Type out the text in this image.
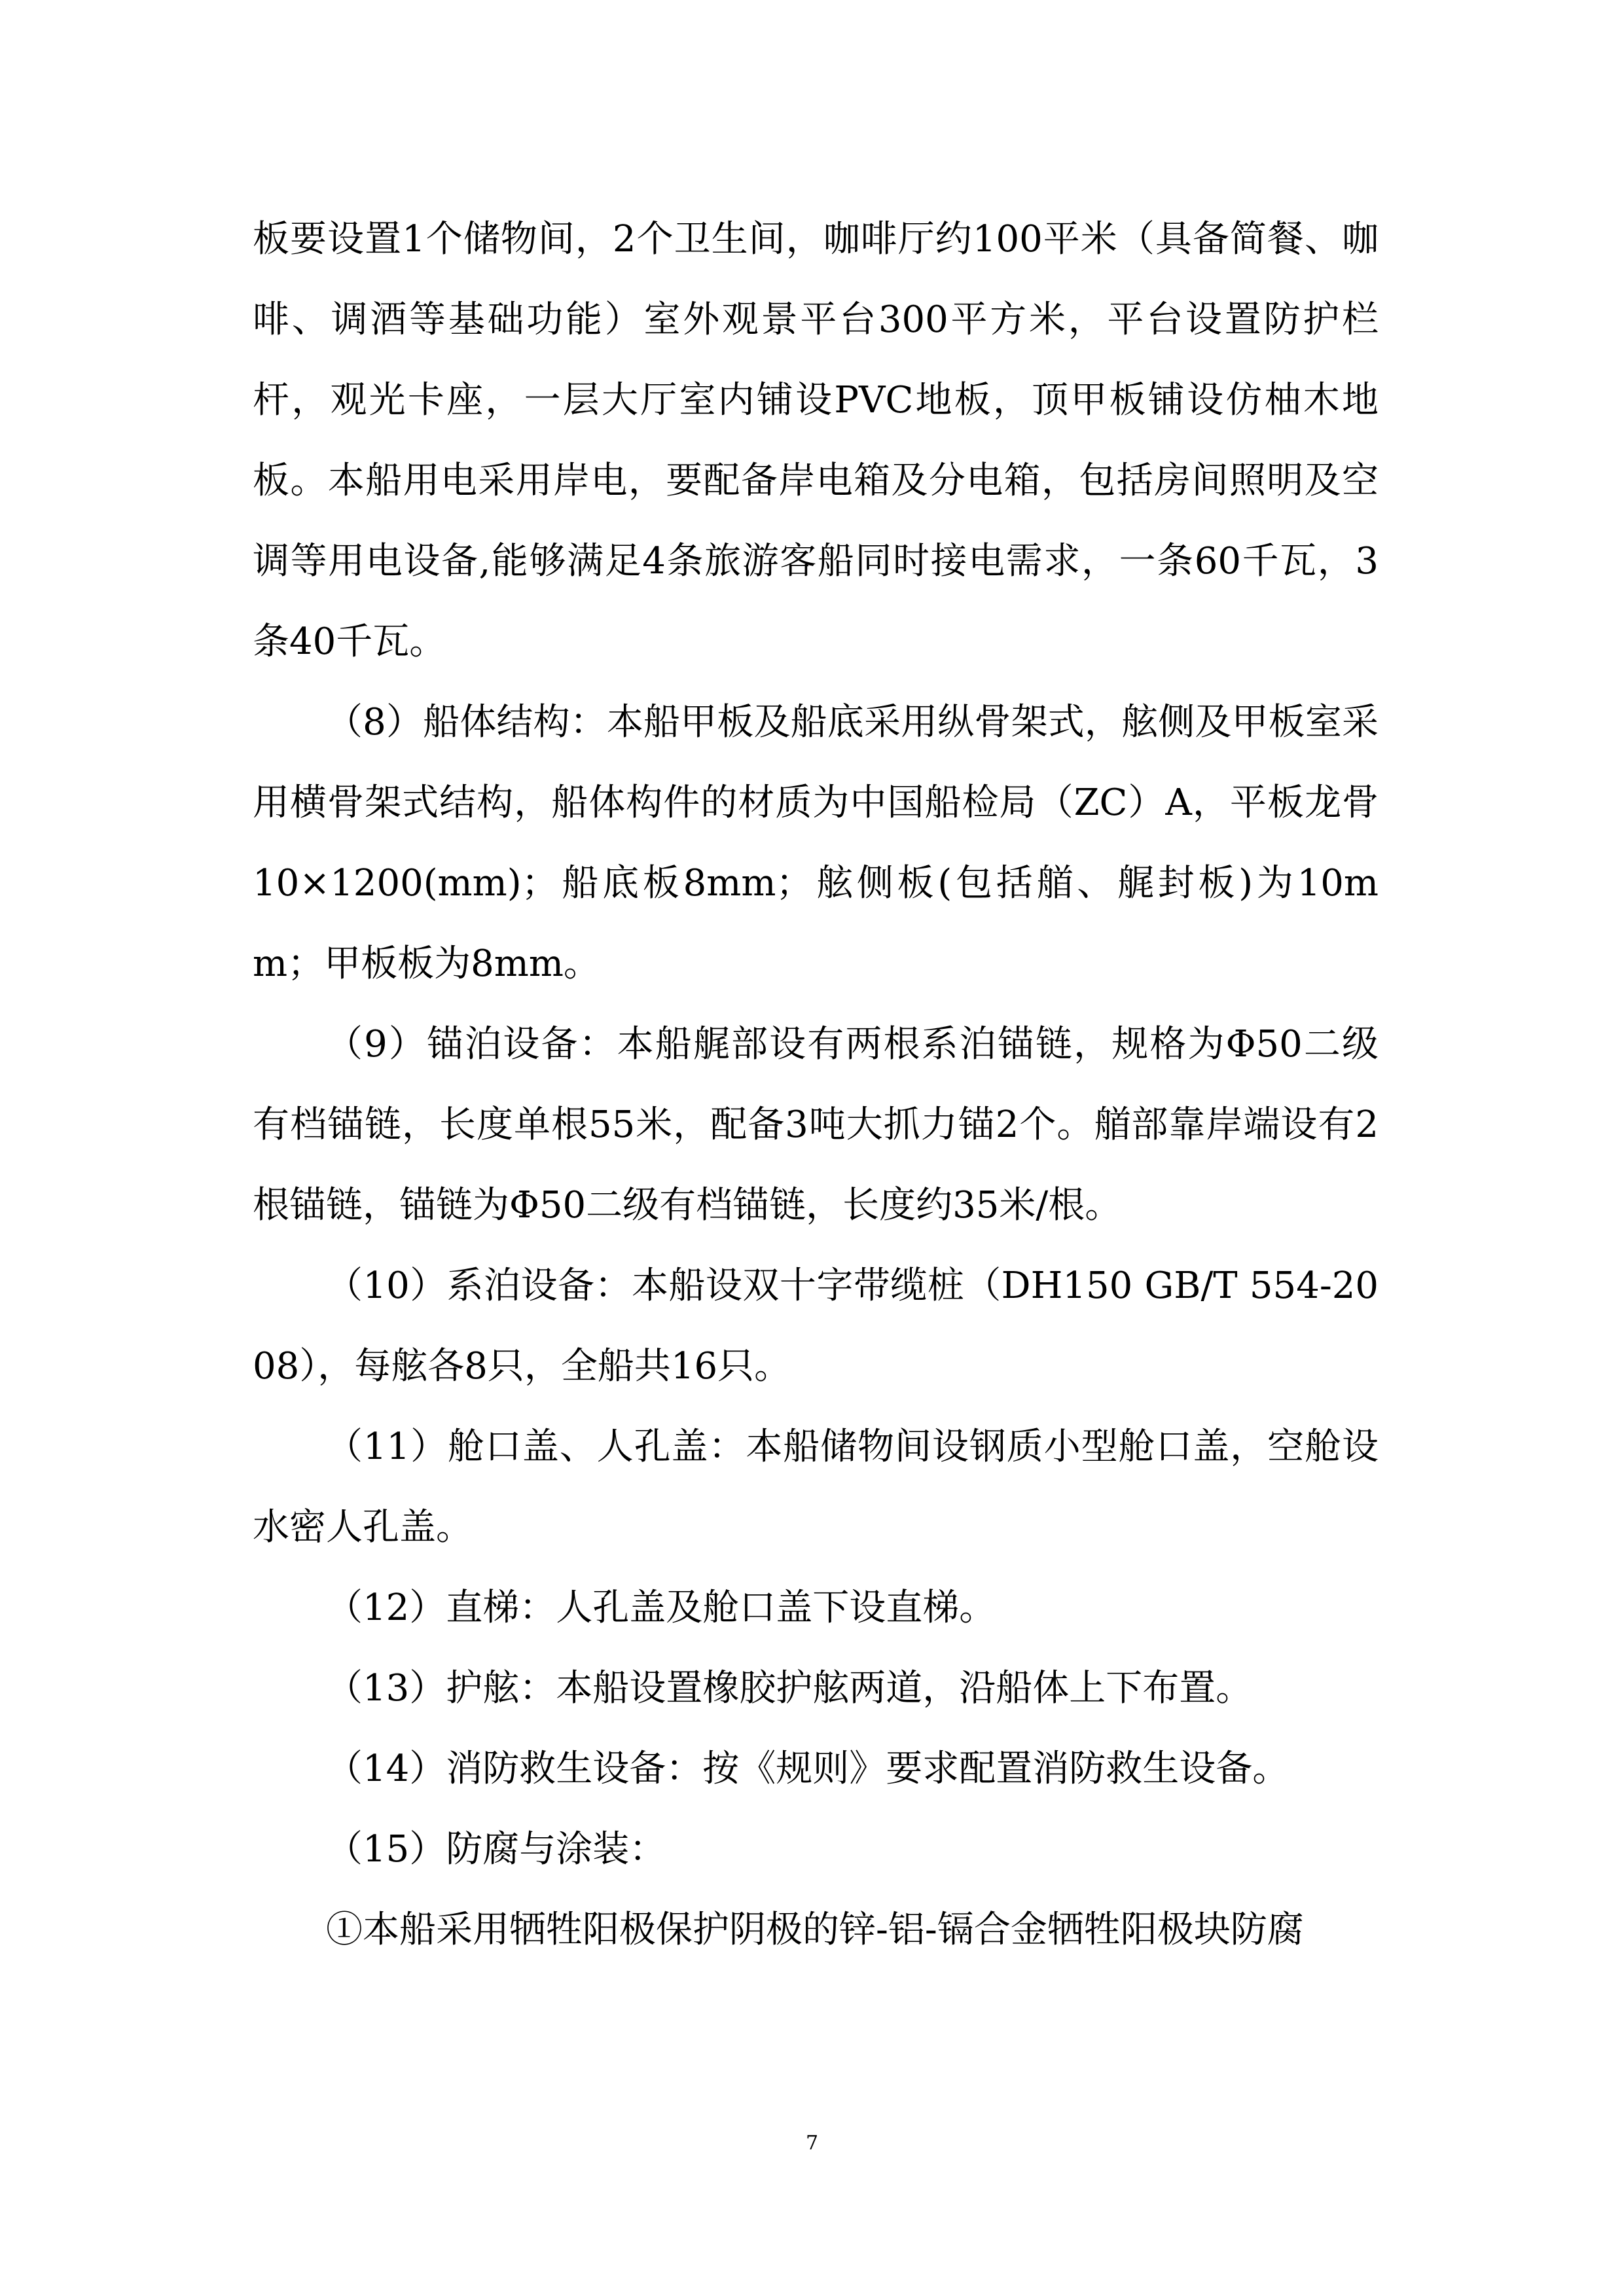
板要设置1个储物间，2个卫生间，咖啡厅约100平米（具备简餐、咖啡、调酒等基础功能）室外观景平台300平方米，平台设置防护栏杆，观光卡座，一层大厅室内铺设PVC地板，顶甲板铺设仿柚木地板。本船用电采用岸电，要配备岸电箱及分电箱，包括房间照明及空调等用电设备,能够满足4条旅游客船同时接电需求，一条60千瓦，3条40千瓦。

（8）船体结构：本船甲板及船底采用纵骨架式，舷侧及甲板室采用横骨架式结构，船体构件的材质为中国船检局（ZC）A，平板龙骨10×1200(mm)；船底板8mm；舷侧板(包括艏、艉封板)为10mm；甲板板为8mm。

（9）锚泊设备：本船艉部设有两根系泊锚链，规格为Φ50二级有档锚链，长度单根55米，配备3吨大抓力锚2个。艏部靠岸端设有2根锚链，锚链为Φ50二级有档锚链，长度约35米/根。

（10）系泊设备：本船设双十字带缆桩（DH150 GB/T 554-2008），每舷各8只，全船共16只。

（11）舱口盖、人孔盖：本船储物间设钢质小型舱口盖，空舱设水密人孔盖。

（12）直梯：人孔盖及舱口盖下设直梯。

（13）护舷：本船设置橡胶护舷两道，沿船体上下布置。

（14）消防救生设备：按《规则》要求配置消防救生设备。

（15）防腐与涂装：

①本船采用牺牲阳极保护阴极的锌-铝-镉合金牺牲阳极块防腐

7
